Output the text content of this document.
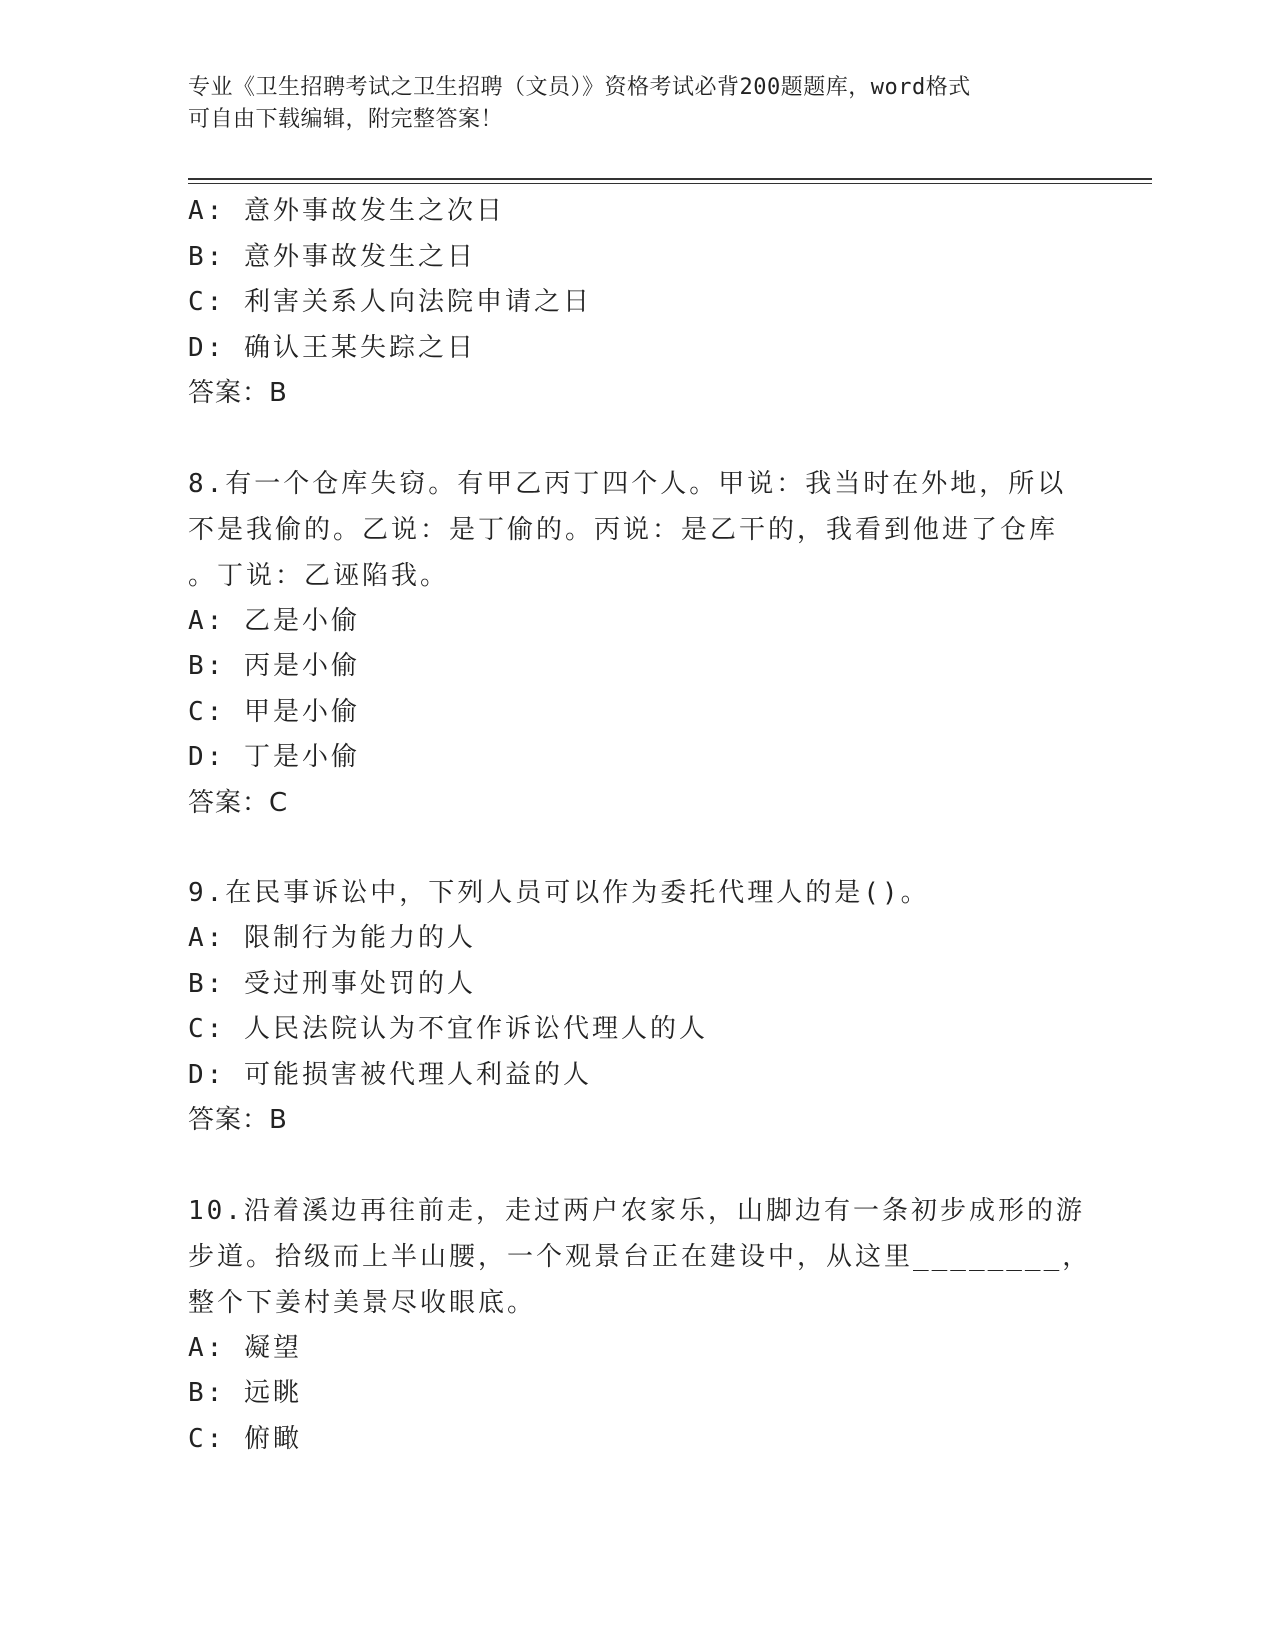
专业《卫生招聘考试之卫生招聘（文员）》资格考试必背200题题库，word格式
可自由下载编辑，附完整答案！
A: 意外事故发生之次日
B: 意外事故发生之日
C: 利害关系人向法院申请之日
D: 确认王某失踪之日
答案：B
8.有一个仓库失窃。有甲乙丙丁四个人。甲说：我当时在外地，所以
不是我偷的。乙说：是丁偷的。丙说：是乙干的，我看到他进了仓库
。丁说：乙诬陷我。
A: 乙是小偷
B: 丙是小偷
C: 甲是小偷
D: 丁是小偷
答案：C
9.在民事诉讼中，下列人员可以作为委托代理人的是()。
A: 限制行为能力的人
B: 受过刑事处罚的人
C: 人民法院认为不宜作诉讼代理人的人
D: 可能损害被代理人利益的人
答案：B
10.沿着溪边再往前走，走过两户农家乐，山脚边有一条初步成形的游
步道。拾级而上半山腰，一个观景台正在建设中，从这里________，
整个下姜村美景尽收眼底。
A: 凝望
B: 远眺
C: 俯瞰
